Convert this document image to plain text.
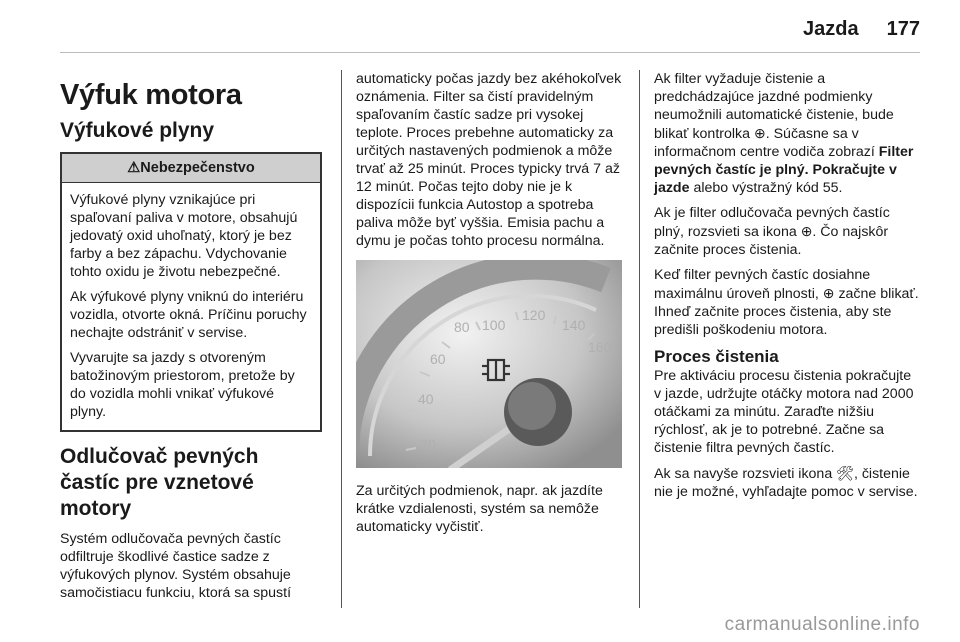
Jazda 177
Výfuk motora
Výfukové plyny
⚠Nebezpečenstvo

Výfukové plyny vznikajúce pri spaľovaní paliva v motore, obsahujú jedovatý oxid uhoľnatý, ktorý je bez farby a bez zápachu. Vdychovanie tohto oxidu je životu nebezpečné.

Ak výfukové plyny vniknú do interiéru vozidla, otvorte okná. Príčinu poruchy nechajte odstrániť v servise.

Vyvarujte sa jazdy s otvoreným batožinovým priestorom, pretože by do vozidla mohli vnikať výfukové plyny.

Odlučovač pevných častíc pre vznetové motory

Systém odlučovača pevných častíc odfiltruje škodlivé častice sadze z výfukových plynov. Systém obsahuje samočistiacu funkciu, ktorá sa spustí

automaticky počas jazdy bez akéhokoľvek oznámenia. Filter sa čistí pravidelným spaľovaním častíc sadze pri vysokej teplote. Proces prebehne automaticky za určitých nastavených podmienok a môže trvať až 25 minút. Proces typicky trvá 7 až 12 minút. Počas tejto doby nie je k dispozícii funkcia Autostop a spotreba paliva môže byť vyššia. Emisia pachu a dymu je počas tohto procesu normálna.

20
40
60
80 100
120
140
160

Za určitých podmienok, napr. ak jazdíte krátke vzdialenosti, systém sa nemôže automaticky vyčistiť.

Ak filter vyžaduje čistenie a predchádzajúce jazdné podmienky neumožnili automatické čistenie, bude blikať kontrolka ⊕. Súčasne sa v informačnom centre vodiča zobrazí Filter pevných častíc je plný. Pokračujte v jazde alebo výstražný kód 55.

Ak je filter odlučovača pevných častíc plný, rozsvieti sa ikona ⊕. Čo najskôr začnite proces čistenia.

Keď filter pevných častíc dosiahne maximálnu úroveň plnosti, ⊕ začne blikať. Ihneď začnite proces čistenia, aby ste predišli poškodeniu motora.

Proces čistenia

Pre aktiváciu procesu čistenia pokračujte v jazde, udržujte otáčky motora nad 2000 otáčkami za minútu. Zaraďte nižšiu rýchlosť, ak je to potrebné. Začne sa čistenie filtra pevných častíc.

Ak sa navyše rozsvieti ikona 🛠, čistenie nie je možné, vyhľadajte pomoc v servise.

carmanualsonline.info
